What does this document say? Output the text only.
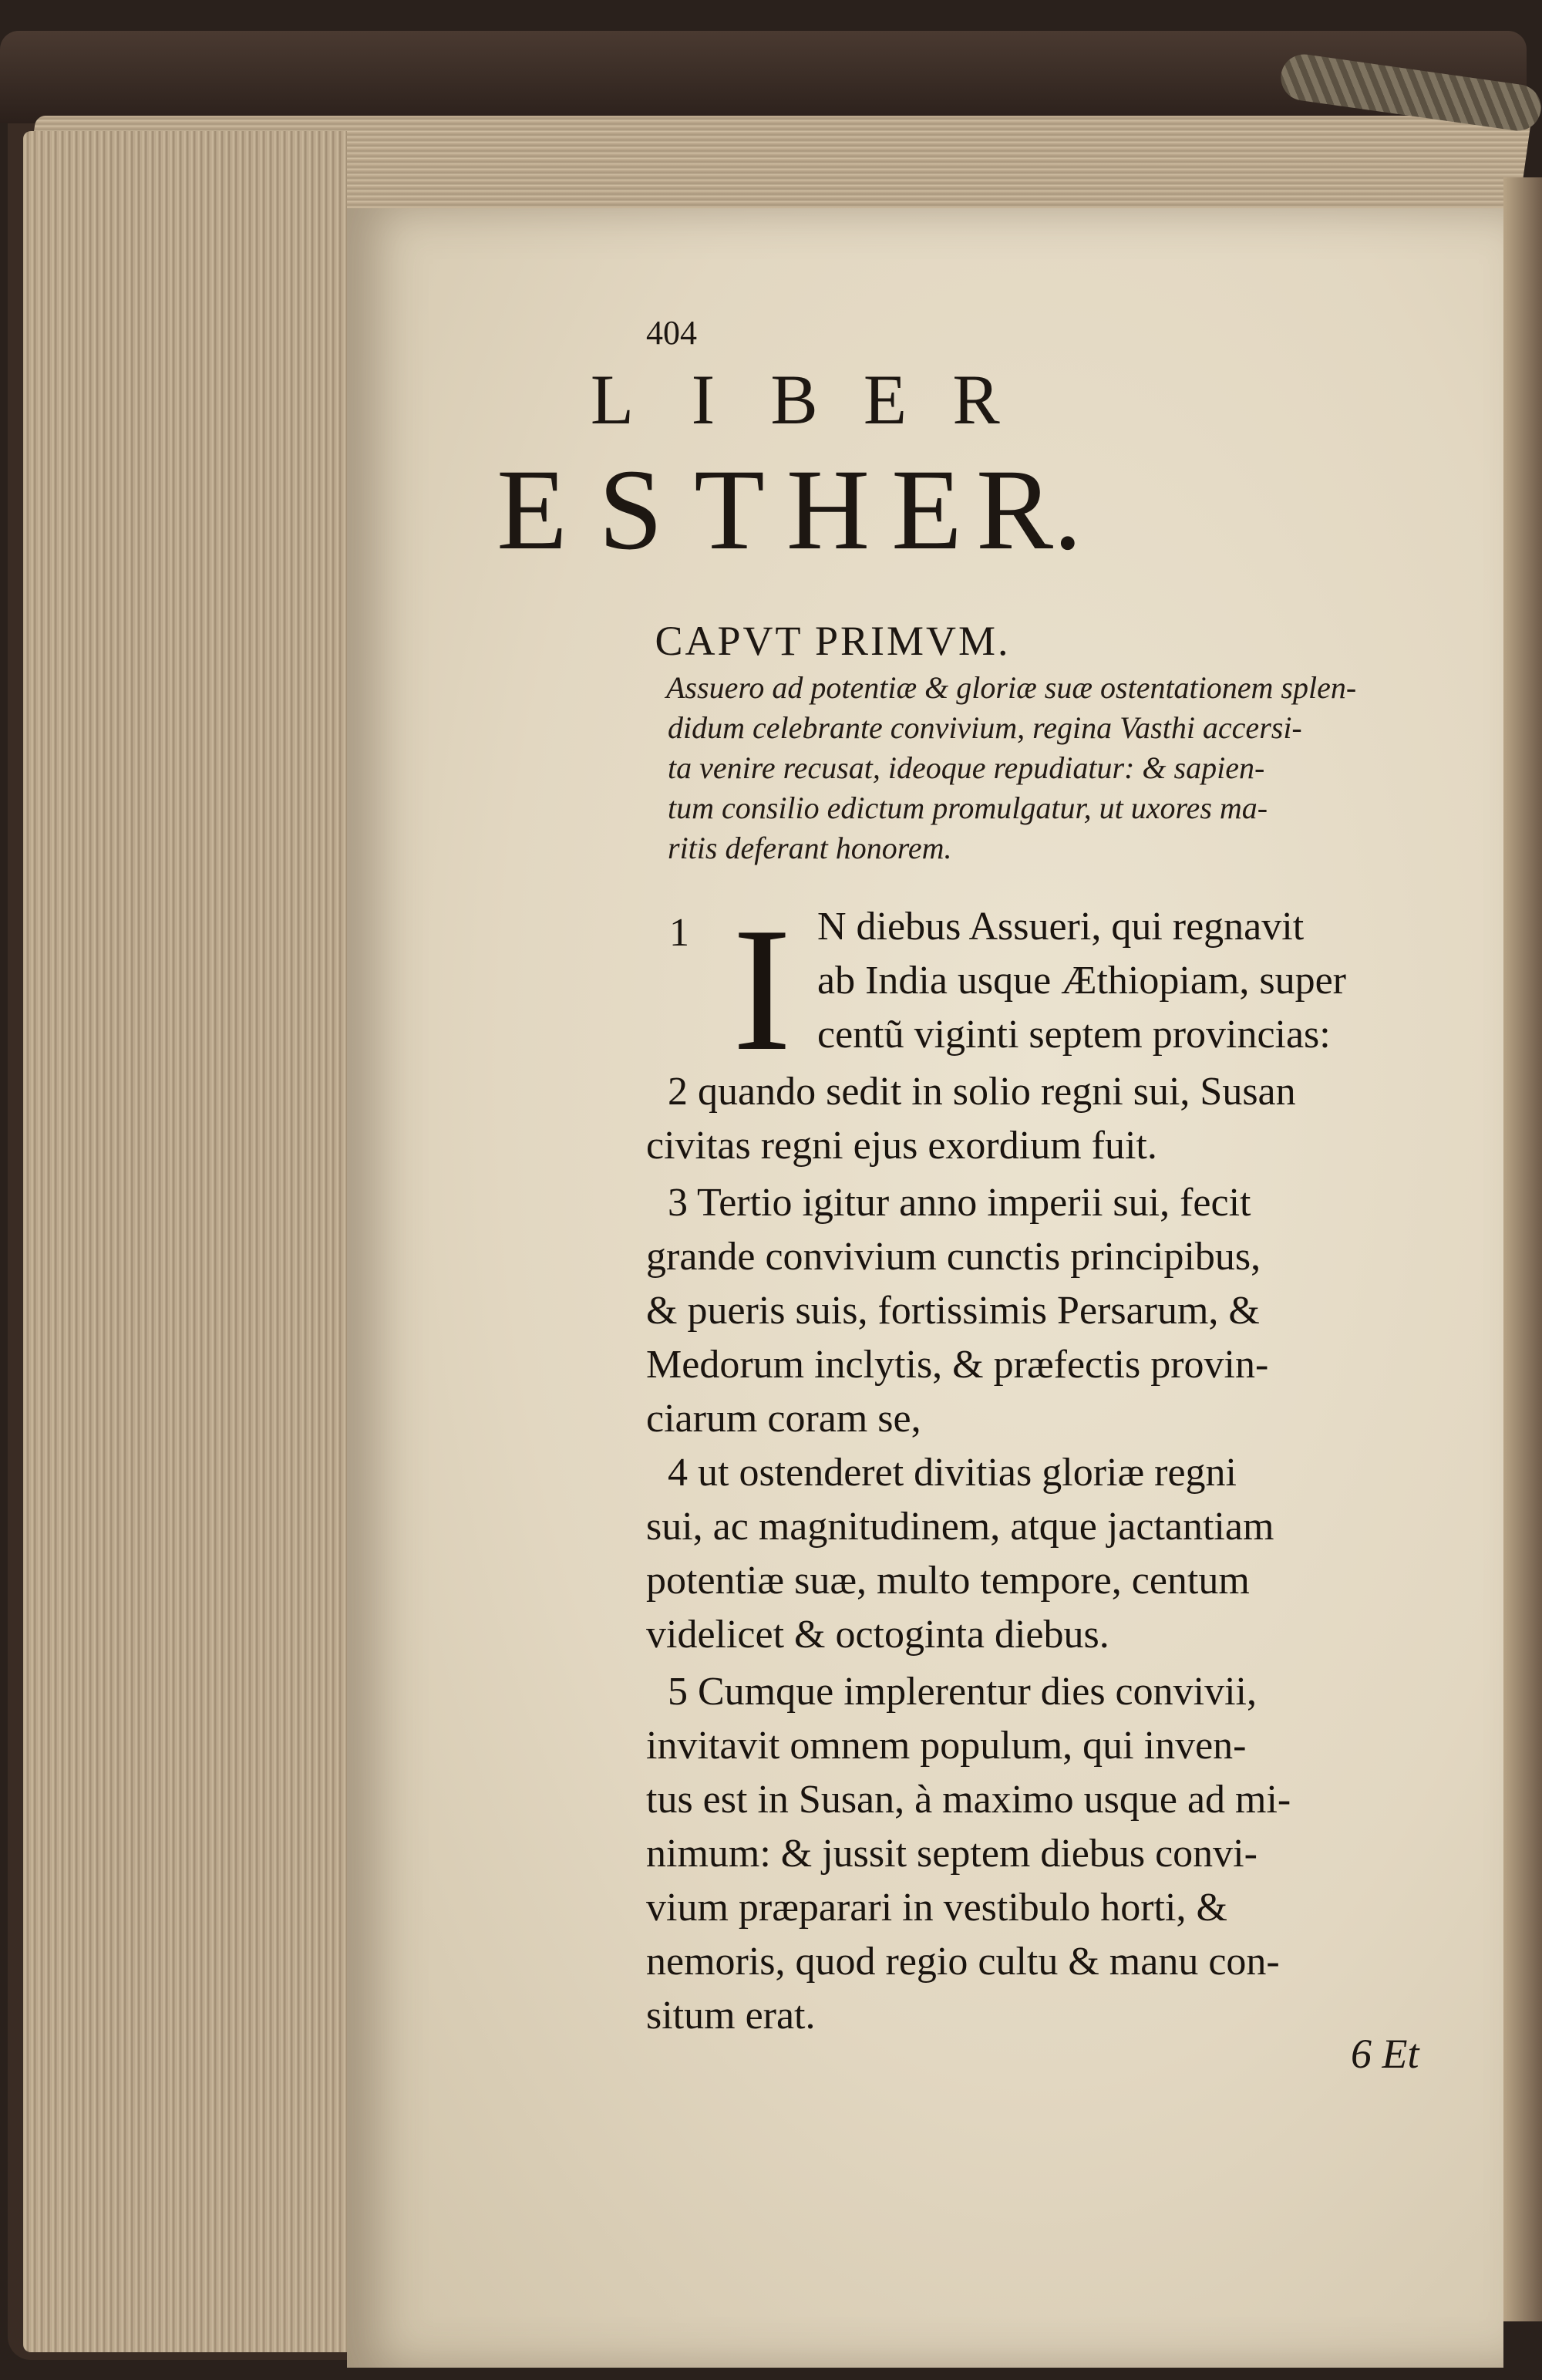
404
L I B E R
E S T H E R.
CAPVT PRIMVM.
Assuero ad potentiæ & gloriæ suæ ostentationem splen-
didum celebrante convivium, regina Vasthi accersi-
ta venire recusat, ideoque repudiatur: & sapien-
tum consilio edictum promulgatur, ut uxores ma-
ritis deferant honorem.
1 I N diebus Assueri, qui regnavit
ab India usque Æthiopiam, super
centũ viginti septem provincias:
2 quando sedit in solio regni sui, Susan
civitas regni ejus exordium fuit.
3 Tertio igitur anno imperii sui, fecit
grande convivium cunctis principibus,
& pueris suis, fortissimis Persarum, &
Medorum inclytis, & præfectis provin-
ciarum coram se,
4 ut ostenderet divitias gloriæ regni
sui, ac magnitudinem, atque jactantiam
potentiæ suæ, multo tempore, centum
videlicet & octoginta diebus.
5 Cumque implerentur dies convivii,
invitavit omnem populum, qui inven-
tus est in Susan, à maximo usque ad mi-
nimum: & jussit septem diebus convi-
vium præparari in vestibulo horti, &
nemoris, quod regio cultu & manu con-
situm erat.
6 Et
